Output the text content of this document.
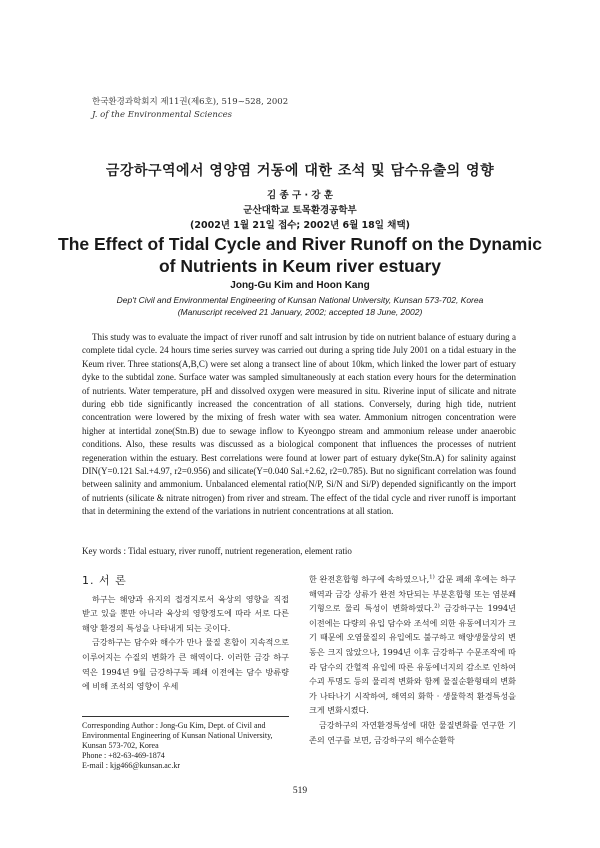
한국환경과학회지 제11권(제6호), 519~528, 2002
J. of the Environmental Sciences
금강하구역에서 영양염 거동에 대한 조석 및 담수유출의 영향
김 종 구 · 강 훈
군산대학교 토목환경공학부
(2002년 1월 21일 접수; 2002년 6월 18일 채택)
The Effect of Tidal Cycle and River Runoff on the Dynamic
of Nutrients in Keum river estuary
Jong-Gu Kim and Hoon Kang
Dep't Civil and Environmental Engineering of Kunsan National University, Kunsan 573-702, Korea
(Manuscript received 21 January, 2002; accepted 18 June, 2002)
This study was to evaluate the impact of river runoff and salt intrusion by tide on nutrient balance of estuary during a complete tidal cycle. 24 hours time series survey was carried out during a spring tide July 2001 on a tidal estuary in the Keum river. Three stations(A,B,C) were set along a transect line of about 10km, which linked the lower part of estuary dyke to the subtidal zone. Surface water was sampled simultaneously at each station every hours for the determination of nutrients. Water temperature, pH and dissolved oxygen were measured in situ. Riverine input of silicate and nitrate during ebb tide significantly increased the concentration of all stations. Conversely, during high tide, nutrient concentration were lowered by the mixing of fresh water with sea water. Ammonium nitrogen concentration were higher at intertidal zone(Stn.B) due to sewage inflow to Kyeongpo stream and ammonium release under anaerobic conditions. Also, these results was discussed as a biological component that influences the processes of nutrient regeneration within the estuary. Best correlations were found at lower part of estuary dyke(Stn.A) for salinity against DIN(Y=0.121 Sal.+4.97, r2=0.956) and silicate(Y=0.040 Sal.+2.62, r2=0.785). But no significant correlation was found between salinity and ammonium. Unbalanced elemental ratio(N/P, Si/N and Si/P) depended significantly on the import of nutrients (silicate & nitrate nitrogen) from river and stream. The effect of the tidal cycle and river runoff is important that in determining the extend of the variations in nutrient concentrations at all station.
Key words : Tidal estuary, river runoff, nutrient regeneration, element ratio
1. 서 론

하구는 해양과 유지의 접경지로서 육상의 영향을 직접 받고 있을 뿐만 아니라 육상의 영향정도에 따라 서로 다른 해양 환경의 특성을 나타내게 되는 곳이다.

금강하구는 담수와 해수가 만나 물질 혼합이 지속적으로 이루어지는 수질의 변화가 큰 해역이다. 이러한 금강 하구역은 1994년 9월 금강하구둑 폐쇄 이전에는 담수 방류량에 비해 조석의 영향이 우세

Corresponding Author : Jong-Gu Kim, Dept. of Civil and Environmental Engineering of Kunsan National University, Kunsan 573-702, Korea
Phone : +82-63-469-1874
E-mail : kjg466@kunsan.ac.kr

한 완전혼합형 하구에 속하였으나,$^{1)}$ 갑문 폐쇄 후에는 하구해역과 금강 상류가 완전 차단되는 부분혼합형 또는 염분쐐기형으로 물리 특성이 변화하였다.$^{2)}$ 금강하구는 1994년 이전에는 다량의 유입 담수와 조석에 의한 유동에너지가 크기 때문에 오염물질의 유입에도 불구하고 해양생물상의 변동은 크지 않았으나, 1994년 이후 금강하구 수문조작에 따라 담수의 간헐적 유입에 따른 유동에너지의 감소로 인하여 수괴 투명도 등의 물리적 변화와 함께 물질순환형태의 변화가 나타나기 시작하여, 해역의 화학 · 생물학적 환경특성을 크게 변화시켰다.

금강하구의 자연환경특성에 대한 물질변화를 연구한 기존의 연구를 보면, 금강하구의 해수순환학

519
